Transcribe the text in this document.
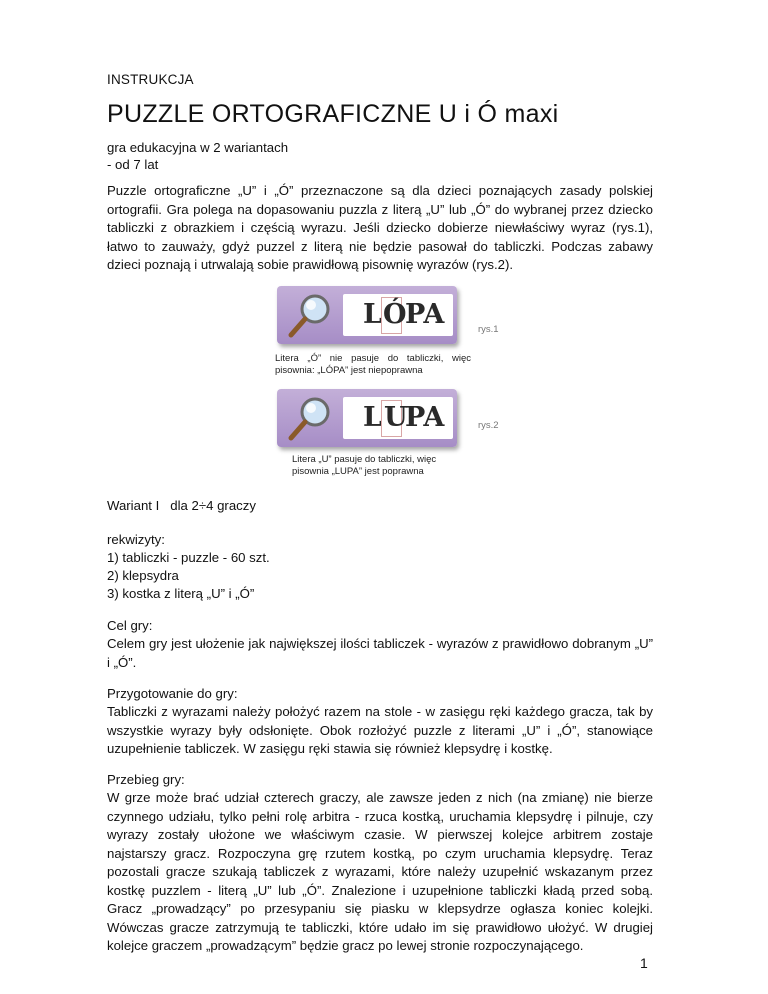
INSTRUKCJA
PUZZLE ORTOGRAFICZNE U i Ó maxi
gra edukacyjna w 2 wariantach
- od 7 lat
Puzzle ortograficzne „U” i „Ó” przeznaczone są dla dzieci poznających zasady polskiej ortografii. Gra polega na dopasowaniu puzzla z literą „U” lub „Ó” do wybranej przez dziecko tabliczki z obrazkiem i częścią wyrazu. Jeśli dziecko dobierze niewłaściwy wyraz (rys.1), łatwo to zauważy, gdyż puzzel z literą nie będzie pasował do tabliczki. Podczas zabawy dzieci poznają i utrwalają sobie prawidłową pisownię wyrazów (rys.2).
L Ó
PA	rys.1
Litera „Ó” nie pasuje do tabliczki, więc pisownia: „LÓPA” jest niepoprawna
L U
PA	rys.2
Litera „U” pasuje do tabliczki, więc
pisownia „LUPA” jest poprawna
Wariant I   dla 2÷4 graczy
rekwizyty:
1) tabliczki - puzzle - 60 szt.
2) klepsydra
3) kostka z literą „U” i „Ó”
Cel gry:
Celem gry jest ułożenie jak największej ilości tabliczek - wyrazów z prawidłowo dobranym „U” i „Ó”.
Przygotowanie do gry:
Tabliczki z wyrazami należy położyć razem na stole - w zasięgu ręki każdego gracza, tak by wszystkie wyrazy były odsłonięte. Obok rozłożyć puzzle z literami „U” i „Ó”, stanowiące uzupełnienie tabliczek. W zasięgu ręki stawia się również klepsydrę i kostkę.
Przebieg gry:
W grze może brać udział czterech graczy, ale zawsze jeden z nich (na zmianę) nie bierze czynnego udziału, tylko pełni rolę arbitra - rzuca kostką, uruchamia klepsydrę i pilnuje, czy wyrazy zostały ułożone we właściwym czasie. W pierwszej kolejce arbitrem zostaje najstarszy gracz. Rozpoczyna grę rzutem kostką, po czym uruchamia klepsydrę. Teraz pozostali gracze szukają tabliczek z wyrazami, które należy uzupełnić wskazanym przez kostkę puzzlem - literą „U” lub „Ó”. Znalezione i uzupełnione tabliczki kładą przed sobą. Gracz „prowadzący” po przesypaniu się piasku w klepsydrze ogłasza koniec kolejki. Wówczas gracze zatrzymują te tabliczki, które udało im się prawidłowo ułożyć. W drugiej kolejce graczem „prowadzącym” będzie gracz po lewej stronie rozpoczynającego.
1
